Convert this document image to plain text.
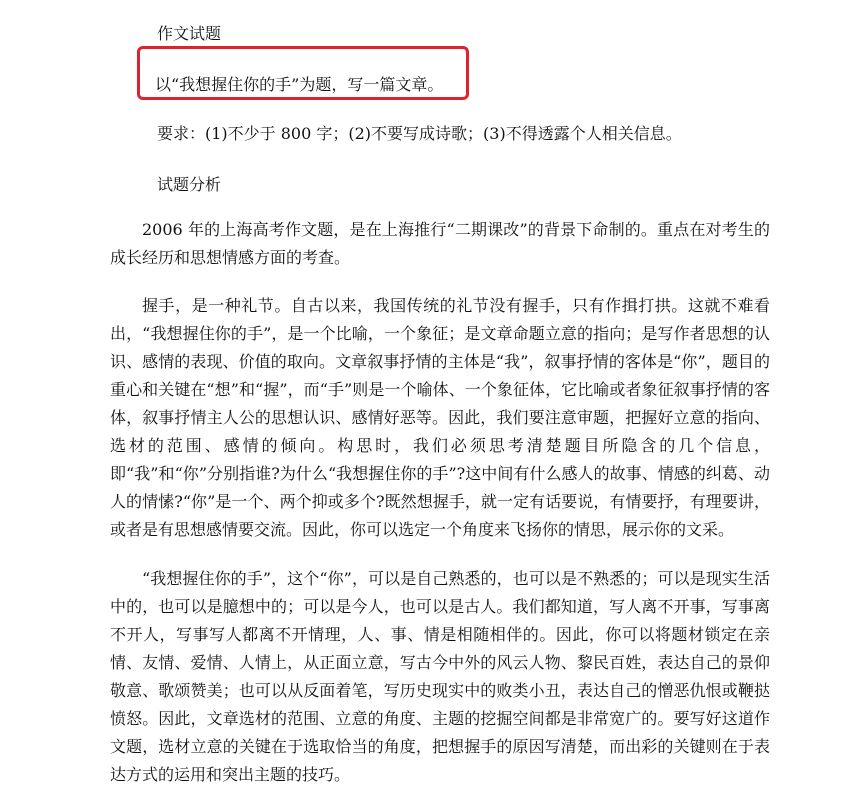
作文试题
以“我想握住你的手”为题，写一篇文章。
要求：(1)不少于 800 字；(2)不要写成诗歌；(3)不得透露个人相关信息。
试题分析

2006 年的上海高考作文题，是在上海推行“二期课改”的背景下命制的。重点在对考生的成长经历和思想情感方面的考查。

握手，是一种礼节。自古以来，我国传统的礼节没有握手，只有作揖打拱。这就不难看出，“我想握住你的手”，是一个比喻，一个象征；是文章命题立意的指向；是写作者思想的认识、感情的表现、价值的取向。文章叙事抒情的主体是“我”，叙事抒情的客体是“你”，题目的重心和关键在“想”和“握”，而“手”则是一个喻体、一个象征体，它比喻或者象征叙事抒情的客体，叙事抒情主人公的思想认识、感情好恶等。因此，我们要注意审题，把握好立意的指向、选材的范围、感情的倾向。构思时，我们必须思考清楚题目所隐含的几个信息，即“我”和“你”分别指谁?为什么“我想握住你的手”?这中间有什么感人的故事、情感的纠葛、动人的情愫?“你”是一个、两个抑或多个?既然想握手，就一定有话要说，有情要抒，有理要讲，或者是有思想感情要交流。因此，你可以选定一个角度来飞扬你的情思，展示你的文采。

“我想握住你的手”，这个“你”，可以是自己熟悉的，也可以是不熟悉的；可以是现实生活中的，也可以是臆想中的；可以是今人，也可以是古人。我们都知道，写人离不开事，写事离不开人，写事写人都离不开情理，人、事、情是相随相伴的。因此，你可以将题材锁定在亲情、友情、爱情、人情上，从正面立意，写古今中外的风云人物、黎民百姓，表达自己的景仰敬意、歌颂赞美；也可以从反面着笔，写历史现实中的败类小丑，表达自己的憎恶仇恨或鞭挞愤怒。因此，文章选材的范围、立意的角度、主题的挖掘空间都是非常宽广的。要写好这道作文题，选材立意的关键在于选取恰当的角度，把想握手的原因写清楚，而出彩的关键则在于表达方式的运用和突出主题的技巧。
